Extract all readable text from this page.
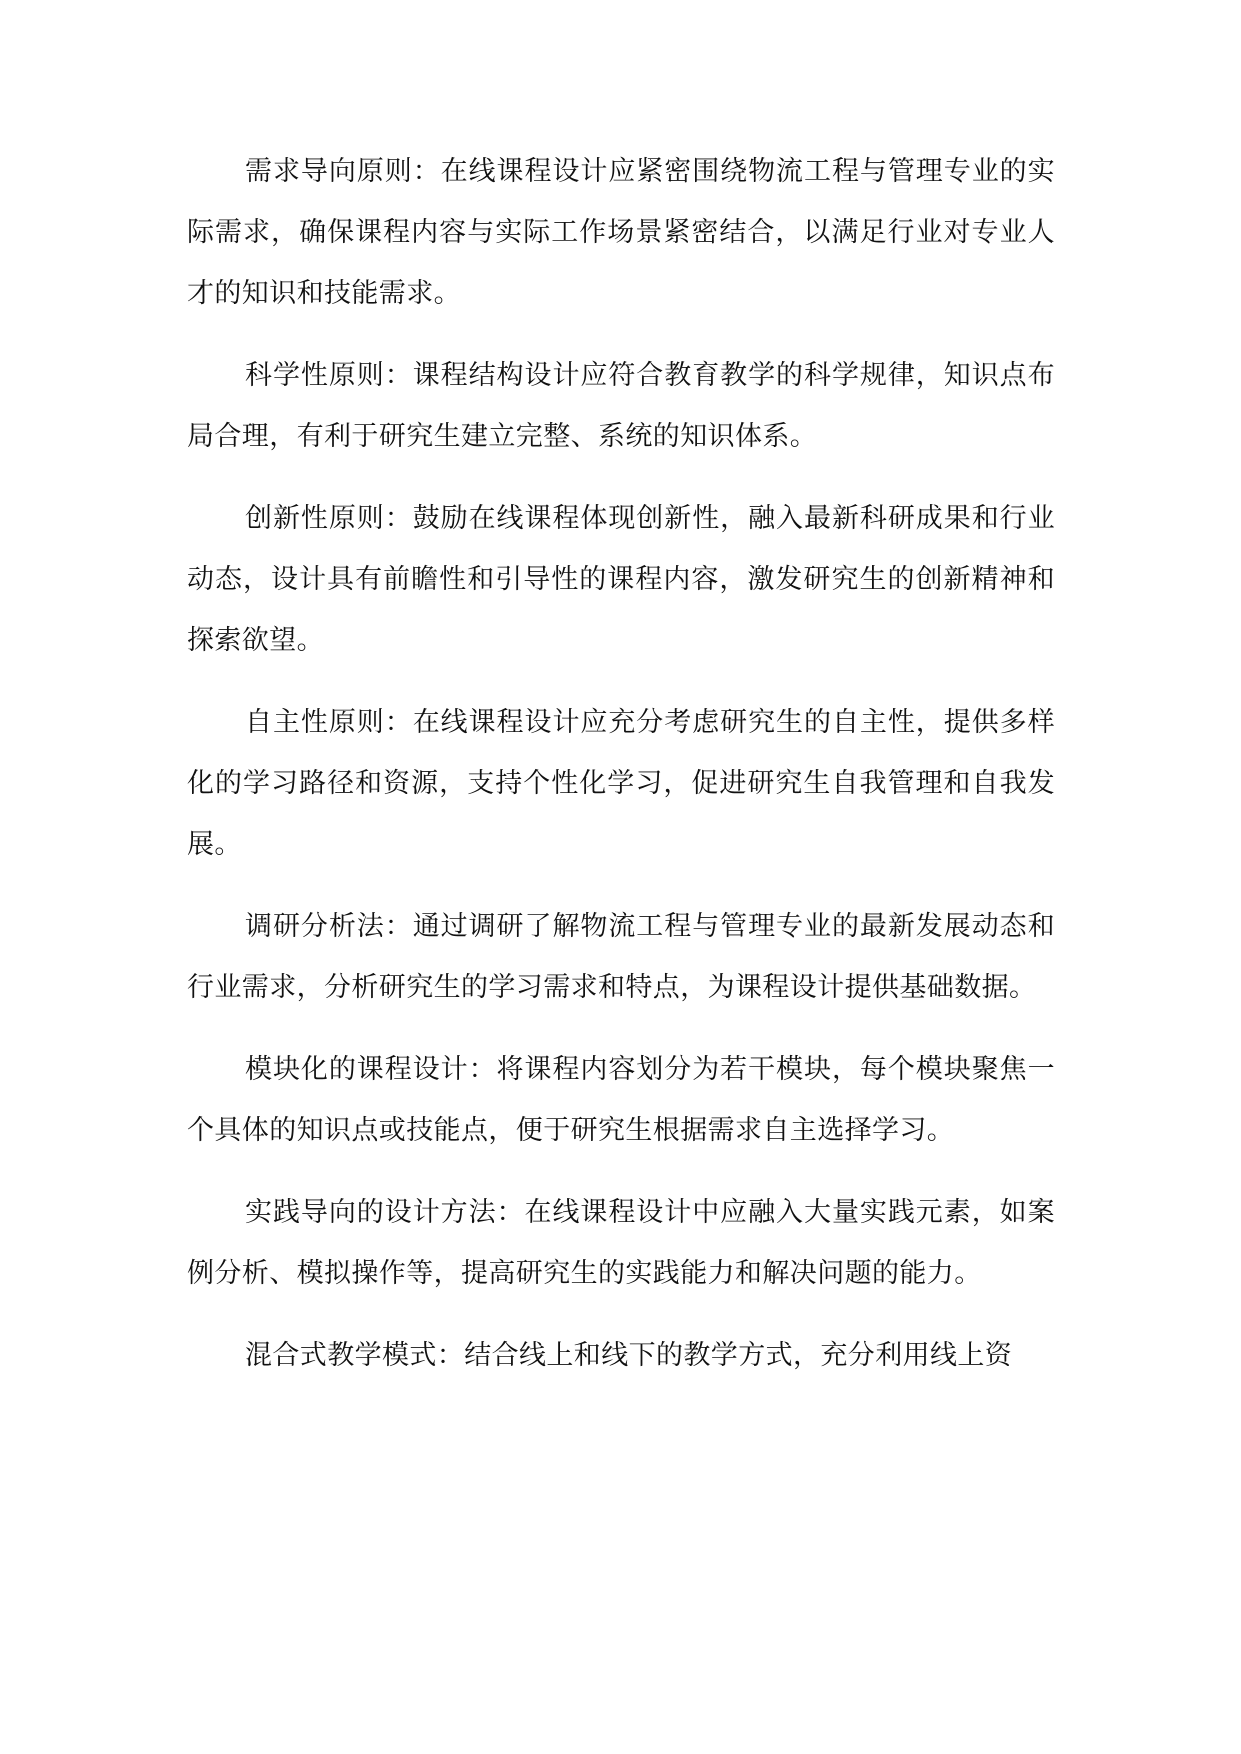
需求导向原则：在线课程设计应紧密围绕物流工程与管理专业的实际需求，确保课程内容与实际工作场景紧密结合，以满足行业对专业人才的知识和技能需求。

科学性原则：课程结构设计应符合教育教学的科学规律，知识点布局合理，有利于研究生建立完整、系统的知识体系。

创新性原则：鼓励在线课程体现创新性，融入最新科研成果和行业动态，设计具有前瞻性和引导性的课程内容，激发研究生的创新精神和探索欲望。

自主性原则：在线课程设计应充分考虑研究生的自主性，提供多样化的学习路径和资源，支持个性化学习，促进研究生自我管理和自我发展。

调研分析法：通过调研了解物流工程与管理专业的最新发展动态和行业需求，分析研究生的学习需求和特点，为课程设计提供基础数据。

模块化的课程设计：将课程内容划分为若干模块，每个模块聚焦一个具体的知识点或技能点，便于研究生根据需求自主选择学习。

实践导向的设计方法：在线课程设计中应融入大量实践元素，如案例分析、模拟操作等，提高研究生的实践能力和解决问题的能力。

混合式教学模式：结合线上和线下的教学方式，充分利用线上资
